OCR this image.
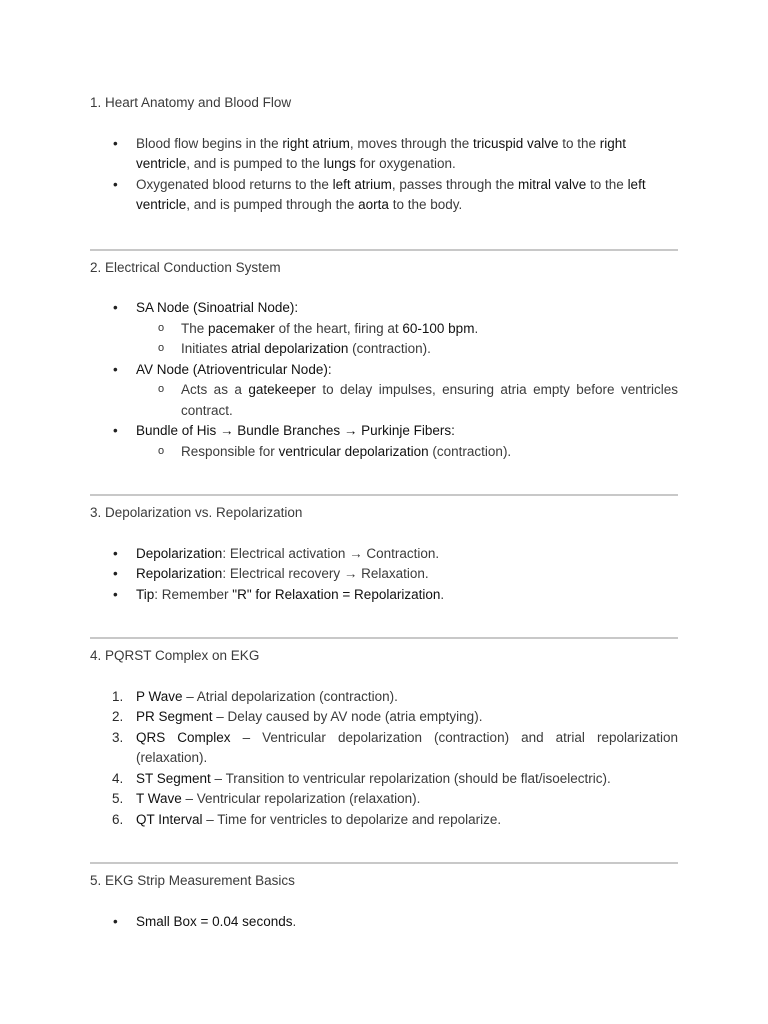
1. Heart Anatomy and Blood Flow
• Blood flow begins in the right atrium, moves through the tricuspid valve to the right ventricle, and is pumped to the lungs for oxygenation.
• Oxygenated blood returns to the left atrium, passes through the mitral valve to the left ventricle, and is pumped through the aorta to the body.
2. Electrical Conduction System
• SA Node (Sinoatrial Node):
o The pacemaker of the heart, firing at 60-100 bpm.
o Initiates atrial depolarization (contraction).
• AV Node (Atrioventricular Node):
o Acts as a gatekeeper to delay impulses, ensuring atria empty before ventricles contract.
• Bundle of His → Bundle Branches → Purkinje Fibers:
o Responsible for ventricular depolarization (contraction).
3. Depolarization vs. Repolarization
• Depolarization: Electrical activation → Contraction.
• Repolarization: Electrical recovery → Relaxation.
• Tip: Remember "R" for Relaxation = Repolarization.
4. PQRST Complex on EKG
1. P Wave – Atrial depolarization (contraction).
2. PR Segment – Delay caused by AV node (atria emptying).
3. QRS Complex – Ventricular depolarization (contraction) and atrial repolarization (relaxation).
4. ST Segment – Transition to ventricular repolarization (should be flat/isoelectric).
5. T Wave – Ventricular repolarization (relaxation).
6. QT Interval – Time for ventricles to depolarize and repolarize.
5. EKG Strip Measurement Basics
• Small Box = 0.04 seconds.
